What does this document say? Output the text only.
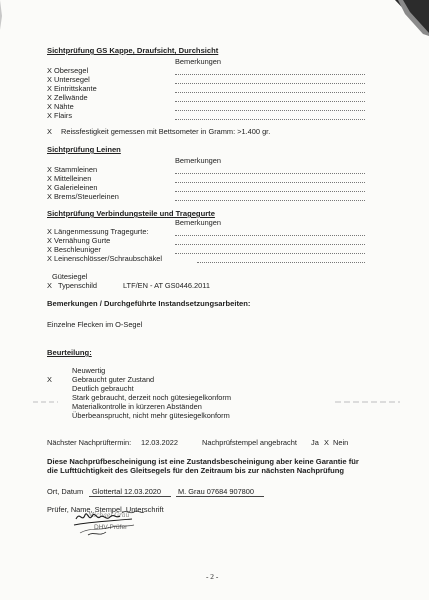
Sichtprüfung GS Kappe, Draufsicht, Durchsicht
Bemerkungen
X Obersegel
X Untersegel
X Eintrittskante
X Zellwände
X Nähte
X Flairs
X Reissfestigkeit gemessen mit Bettsometer in Gramm: >1.400 gr.
Sichtprüfung Leinen
Bemerkungen
X Stammleinen
X Mittelleinen
X Galerieleinen
X Brems/Steuerleinen
Sichtprüfung Verbindungsteile und Tragegurte
Bemerkungen
X Längenmessung Tragegurte:
X Vernähung Gurte
X Beschleuniger
X Leinenschlösser/Schraubschäkel
Gütesiegel
X Typenschild	LTF/EN - AT GS0446.2011
Bemerkungen / Durchgeführte Instandsetzungsarbeiten:
Einzelne Flecken im O-Segel
Beurteilung:
Neuwertig
X	Gebraucht guter Zustand
Deutlich gebraucht
Stark gebraucht, derzeit noch gütesiegelkonform
Materialkontrolle in kürzeren Abständen
Überbeansprucht, nicht mehr gütesiegelkonform
Nächster Nachprüftermin: 12.03.2022	Nachprüfstempel angebracht Ja X Nein
Diese Nachprüfbescheinigung ist eine Zustandsbescheinigung aber keine Garantie für
die Lufttüchtigkeit des Gleitsegels für den Zeitraum bis zur nächsten Nachprüfung
Ort, Datum Glottertal 12.03.2020 M. Grau 07684 907800
Prüfer, Name, Stempel, Unterschrift
Michael Grau
DHV-Prüfer
- 2 -
